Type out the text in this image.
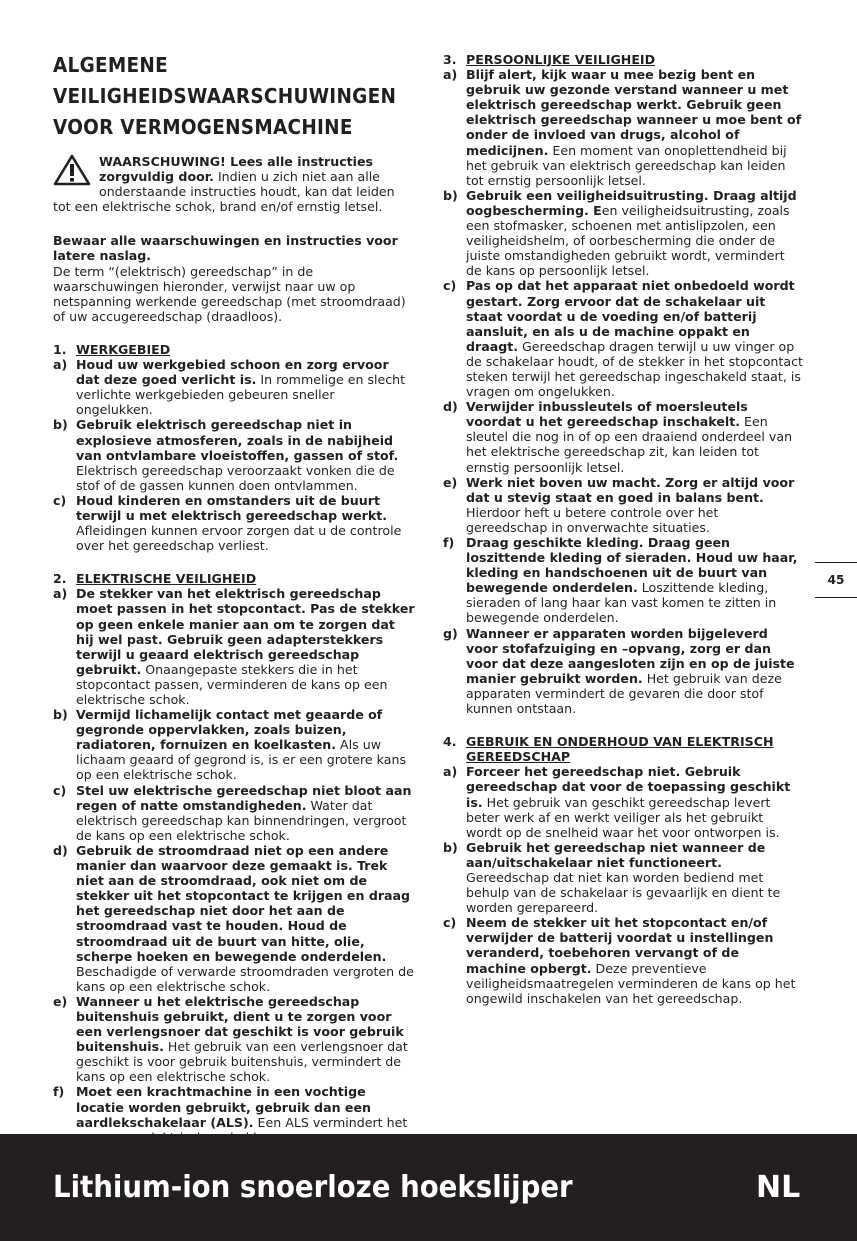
ALGEMENE
VEILIGHEIDSWAARSCHUWINGEN
VOOR VERMOGENSMACHINE

WAARSCHUWING! Lees alle instructies zorgvuldig door. Indien u zich niet aan alle onderstaande instructies houdt, kan dat leiden tot een elektrische schok, brand en/of ernstig letsel.

Bewaar alle waarschuwingen en instructies voor latere naslag.

De term “(elektrisch) gereedschap” in de waarschuwingen hieronder, verwijst naar uw op netspanning werkende gereedschap (met stroomdraad) of uw accugereedschap (draadloos).

1. WERKGEBIED

a) Houd uw werkgebied schoon en zorg ervoor dat deze goed verlicht is. In rommelige en slecht verlichte werkgebieden gebeuren sneller ongelukken.

b) Gebruik elektrisch gereedschap niet in explosieve atmosferen, zoals in de nabijheid van ontvlambare vloeistoffen, gassen of stof. Elektrisch gereedschap veroorzaakt vonken die de stof of de gassen kunnen doen ontvlammen.

c) Houd kinderen en omstanders uit de buurt terwijl u met elektrisch gereedschap werkt. Afleidingen kunnen ervoor zorgen dat u de controle over het gereedschap verliest.

2. ELEKTRISCHE VEILIGHEID

a) De stekker van het elektrisch gereedschap moet passen in het stopcontact. Pas de stekker op geen enkele manier aan om te zorgen dat hij wel past. Gebruik geen adapterstekkers terwijl u geaard elektrisch gereedschap gebruikt. Onaangepaste stekkers die in het stopcontact passen, verminderen de kans op een elektrische schok.

b) Vermijd lichamelijk contact met geaarde of gegronde oppervlakken, zoals buizen, radiatoren, fornuizen en koelkasten. Als uw lichaam geaard of gegrond is, is er een grotere kans op een elektrische schok.

c) Stel uw elektrische gereedschap niet bloot aan regen of natte omstandigheden. Water dat elektrisch gereedschap kan binnendringen, vergroot de kans op een elektrische schok.

d) Gebruik de stroomdraad niet op een andere manier dan waarvoor deze gemaakt is. Trek niet aan de stroomdraad, ook niet om de stekker uit het stopcontact te krijgen en draag het gereedschap niet door het aan de stroomdraad vast te houden. Houd de stroomdraad uit de buurt van hitte, olie, scherpe hoeken en bewegende onderdelen. Beschadigde of verwarde stroomdraden vergroten de kans op een elektrische schok.

e) Wanneer u het elektrische gereedschap buitenshuis gebruikt, dient u te zorgen voor een verlengsnoer dat geschikt is voor gebruik buitenshuis. Het gebruik van een verlengsnoer dat geschikt is voor gebruik buitenshuis, vermindert de kans op een elektrische schok.

f) Moet een krachtmachine in een vochtige locatie worden gebruikt, gebruik dan een aardlekschakelaar (ALS). Een ALS vermindert het

3. PERSOONLIJKE VEILIGHEID

a) Blijf alert, kijk waar u mee bezig bent en gebruik uw gezonde verstand wanneer u met elektrisch gereedschap werkt. Gebruik geen elektrisch gereedschap wanneer u moe bent of onder de invloed van drugs, alcohol of medicijnen. Een moment van onoplettendheid bij het gebruik van elektrisch gereedschap kan leiden tot ernstig persoonlijk letsel.

b) Gebruik een veiligheidsuitrusting. Draag altijd oogbescherming. Een veiligheidsuitrusting, zoals een stofmasker, schoenen met antislipzolen, een veiligheidshelm, of oorbescherming die onder de juiste omstandigheden gebruikt wordt, vermindert de kans op persoonlijk letsel.

c) Pas op dat het apparaat niet onbedoeld wordt gestart. Zorg ervoor dat de schakelaar uit staat voordat u de voeding en/of batterij aansluit, en als u de machine oppakt en draagt. Gereedschap dragen terwijl u uw vinger op de schakelaar houdt, of de stekker in het stopcontact steken terwijl het gereedschap ingeschakeld staat, is vragen om ongelukken.

d) Verwijder inbussleutels of moersleutels voordat u het gereedschap inschakelt. Een sleutel die nog in of op een draaiend onderdeel van het elektrische gereedschap zit, kan leiden tot ernstig persoonlijk letsel.

e) Werk niet boven uw macht. Zorg er altijd voor dat u stevig staat en goed in balans bent. Hierdoor heft u betere controle over het gereedschap in onverwachte situaties.

f) Draag geschikte kleding. Draag geen loszittende kleding of sieraden. Houd uw haar, kleding en handschoenen uit de buurt van bewegende onderdelen. Loszittende kleding, sieraden of lang haar kan vast komen te zitten in bewegende onderdelen.

g) Wanneer er apparaten worden bijgeleverd voor stofafzuiging en –opvang, zorg er dan voor dat deze aangesloten zijn en op de juiste manier gebruikt worden. Het gebruik van deze apparaten vermindert de gevaren die door stof kunnen ontstaan.

4. GEBRUIK EN ONDERHOUD VAN ELEKTRISCH GEREEDSCHAP

a) Forceer het gereedschap niet. Gebruik gereedschap dat voor de toepassing geschikt is. Het gebruik van geschikt gereedschap levert beter werk af en werkt veiliger als het gebruikt wordt op de snelheid waar het voor ontworpen is.

b) Gebruik het gereedschap niet wanneer de aan/uitschakelaar niet functioneert. Gereedschap dat niet kan worden bediend met behulp van de schakelaar is gevaarlijk en dient te worden gerepareerd.

c) Neem de stekker uit het stopcontact en/of verwijder de batterij voordat u instellingen veranderd, toebehoren vervangt of de machine opbergt. Deze preventieve veiligheidsmaatregelen verminderen de kans op het ongewild inschakelen van het gereedschap.

45
Lithium-ion snoerloze hoekslijper	NL
